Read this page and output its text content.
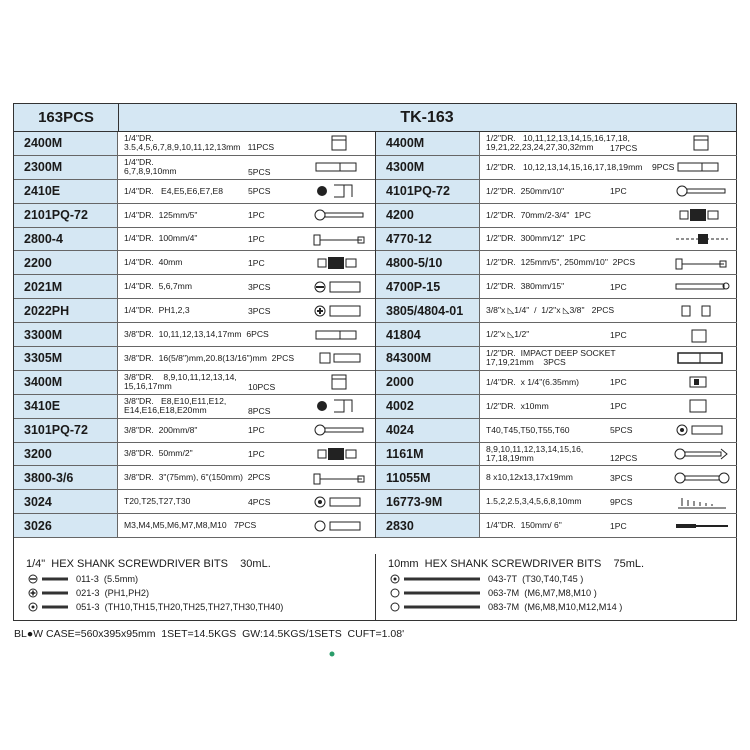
163PCS	TK-163
2400M	1/4"DR.
3.5,4,5,6,7,8,9,10,11,12,13mm   11PCS
2300M	1/4"DR.
6,7,8,9,10mm	5PCS
2410E	1/4"DR.   E4,E5,E6,E7,E8	5PCS
2101PQ-72	1/4"DR.  125mm/5"	1PC
2800-4	1/4"DR.  100mm/4"	1PC
2200	1/4"DR.  40mm	1PC
2021M	1/4"DR.  5,6,7mm	3PCS
2022PH	1/4"DR.  PH1,2,3	3PCS
3300M	3/8"DR.  10,11,12,13,14,17mm  6PCS
3305M	3/8"DR.  16(5/8")mm,20.8(13/16")mm  2PCS
3400M	3/8"DR.    8,9,10,11,12,13,14,
15,16,17mm	10PCS
3410E	3/8"DR.   E8,E10,E11,E12,
E14,E16,E18,E20mm	8PCS
3101PQ-72	3/8"DR.  200mm/8"	1PC
3200	3/8"DR.  50mm/2"	1PC
3800-3/6	3/8"DR.  3"(75mm), 6"(150mm)  2PCS
3024	T20,T25,T27,T30	4PCS
3026	M3,M4,M5,M6,M7,M8,M10   7PCS
4400M	1/2"DR.   10,11,12,13,14,15,16,17,18,
19,21,22,23,24,27,30,32mm	17PCS
4300M	1/2"DR.   10,12,13,14,15,16,17,18,19mm    9PCS
4101PQ-72	1/2"DR.  250mm/10"	1PC
4200	1/2"DR.  70mm/2-3/4"  1PC
4770-12	1/2"DR.  300mm/12"  1PC
4800-5/10	1/2"DR.  125mm/5", 250mm/10"  2PCS
4700P-15	1/2"DR.  380mm/15"	1PC
3805/4804-01	3/8"x ◺1/4"  /  1/2"x ◺3/8"   2PCS
41804	1/2"x ◺1/2"	1PC
84300M	1/2"DR.  IMPACT DEEP SOCKET
17,19,21mm    3PCS
2000	1/4"DR.  x 1/4"(6.35mm)	1PC
4002	1/2"DR.  x10mm	1PC
4024	T40,T45,T50,T55,T60	5PCS
1161M	8,9,10,11,12,13,14,15,16,
17,18,19mm	12PCS
11055M	8 x10,12x13,17x19mm	3PCS
16773-9M	1.5,2,2.5,3,4,5,6,8,10mm	9PCS
2830	1/4"DR.  150mm/ 6"	1PC
1/4"  HEX SHANK SCREWDRIVER BITS    30mL.
011-3 (5.5mm)
021-3 (PH1,PH2)
051-3 (TH10,TH15,TH20,TH25,TH27,TH30,TH40)
10mm  HEX SHANK SCREWDRIVER BITS    75mL.
043-7T (T30,T40,T45 )
063-7M (M6,M7,M8,M10 )
083-7M (M6,M8,M10,M12,M14 )
BL●W CASE=560x395x95mm  1SET=14.5KGS  GW:14.5KGS/1SETS  CUFT=1.08'
